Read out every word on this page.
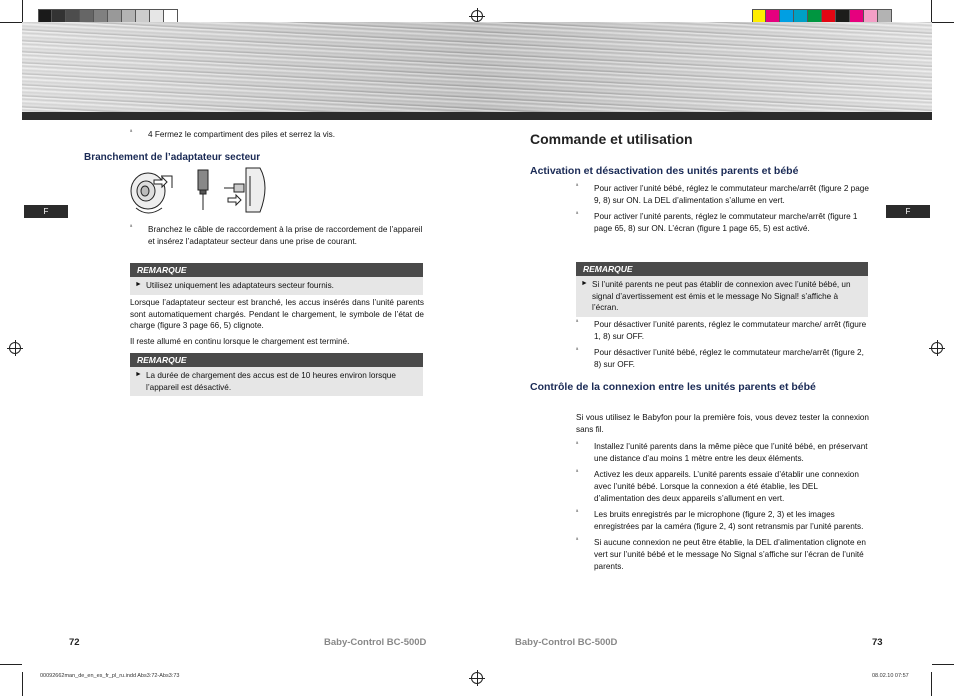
F	F
ª 4 Fermez le compartiment des piles et serrez la vis.
Branchement de l’adaptateur secteur
ª Branchez le câble de raccordement à la prise de raccordement de l’appareil et insérez l’adaptateur secteur dans une prise de courant.
REMARQUE
► Utilisez uniquement les adaptateurs secteur fournis.
Lorsque l’adaptateur secteur est branché, les accus insérés dans l’unité parents sont automatiquement chargés. Pendant le chargement, le symbole de l’état de charge (figure 3 page 66, 5) clignote.
Il reste allumé en continu lorsque le chargement est terminé.
REMARQUE
► La durée de chargement des accus est de 10 heures environ lorsque l’appareil est désactivé.
Commande et utilisation
Activation et désactivation des unités parents et bébé
ª Pour activer l’unité bébé, réglez le commutateur marche/arrêt (figure 2 page 9, 8) sur ON. La DEL d’alimentation s’allume en vert.
ª Pour activer l’unité parents, réglez le commutateur marche/arrêt (figure 1 page 65, 8) sur ON. L’écran (figure 1 page 65, 5) est activé.
REMARQUE
► Si l’unité parents ne peut pas établir de connexion avec l’unité bébé, un signal d’avertissement est émis et le message No Signal! s’affiche à l’écran.
ª Pour désactiver l’unité parents, réglez le commutateur marche/ arrêt (figure 1, 8) sur OFF.
ª Pour désactiver l’unité bébé, réglez le commutateur marche/arrêt (figure 2, 8) sur OFF.
Contrôle de la connexion entre les unités parents et bébé
Si vous utilisez le Babyfon pour la première fois, vous devez tester la connexion sans fil.
ª Installez l’unité parents dans la même pièce que l’unité bébé, en préservant une distance d’au moins 1 mètre entre les deux éléments.
ª Activez les deux appareils. L’unité parents essaie d’établir une connexion avec l’unité bébé. Lorsque la connexion a été établie, les DEL d’alimentation des deux appareils s’allument en vert.
ª Les bruits enregistrés par le microphone (figure 2, 3) et les images enregistrées par la caméra (figure 2, 4) sont retransmis par l’unité parents.
ª Si aucune connexion ne peut être établie, la DEL d’alimentation clignote en vert sur l’unité bébé et le message No Signal s’affiche sur l’écran de l’unité parents.
72	Baby-Control BC-500D	Baby-Control BC-500D	73
00092662man_de_en_es_fr_pl_ru.indd Abs3:72-Abs3:73	08.02.10 07:57
